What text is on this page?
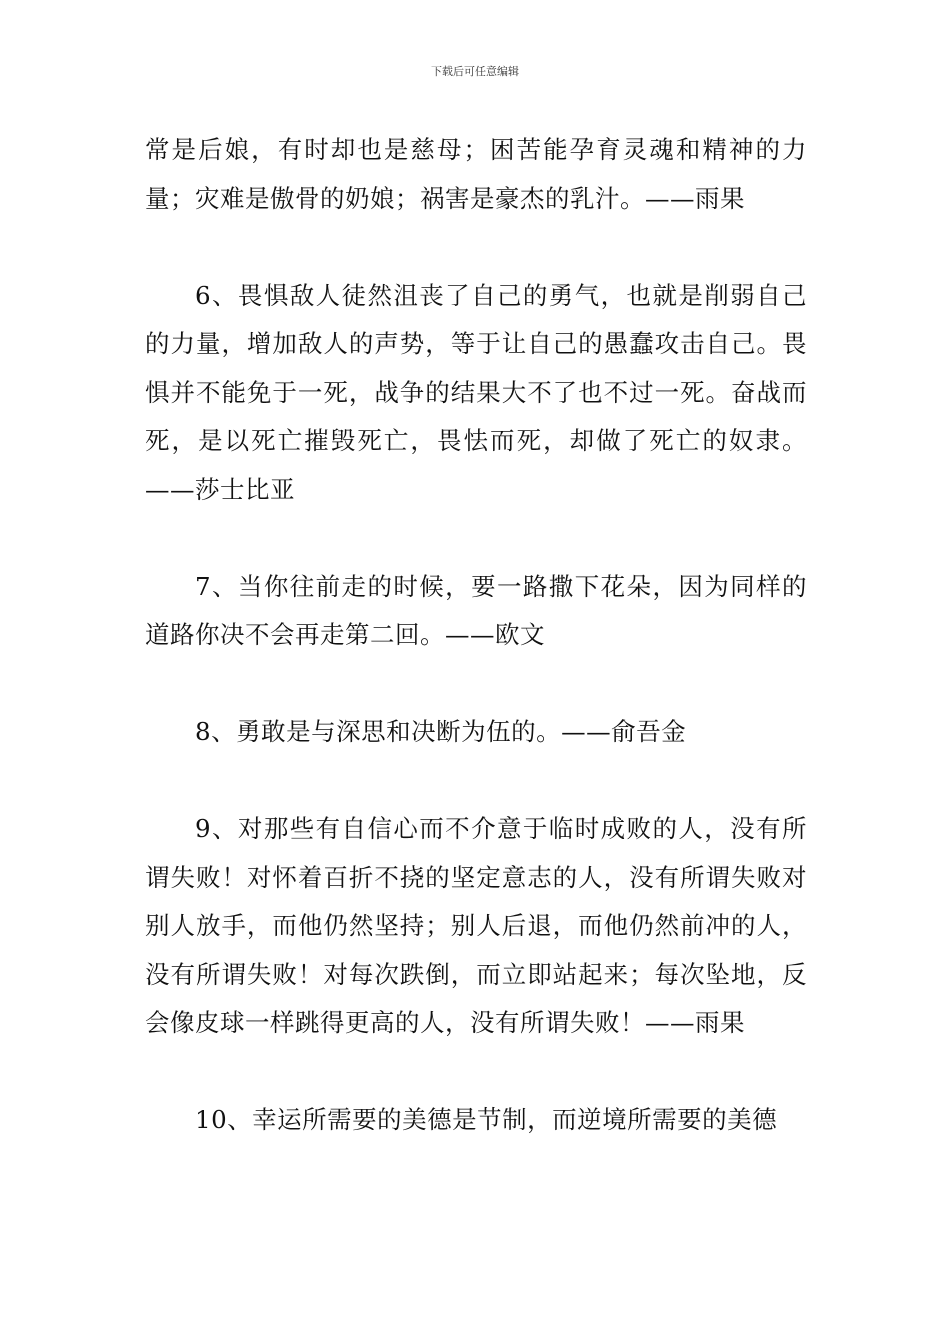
下载后可任意编辑

常是后娘，有时却也是慈母；困苦能孕育灵魂和精神的力量；灾难是傲骨的奶娘；祸害是豪杰的乳汁。——雨果

6、畏惧敌人徒然沮丧了自己的勇气，也就是削弱自己的力量，增加敌人的声势，等于让自己的愚蠢攻击自己。畏惧并不能免于一死，战争的结果大不了也不过一死。奋战而死，是以死亡摧毁死亡，畏怯而死，却做了死亡的奴隶。——莎士比亚

7、当你往前走的时候，要一路撒下花朵，因为同样的道路你决不会再走第二回。——欧文

8、勇敢是与深思和决断为伍的。——俞吾金

9、对那些有自信心而不介意于临时成败的人，没有所谓失败！对怀着百折不挠的坚定意志的人，没有所谓失败对别人放手，而他仍然坚持；别人后退，而他仍然前冲的人，没有所谓失败！对每次跌倒，而立即站起来；每次坠地，反会像皮球一样跳得更高的人，没有所谓失败！——雨果

10、幸运所需要的美德是节制，而逆境所需要的美德
